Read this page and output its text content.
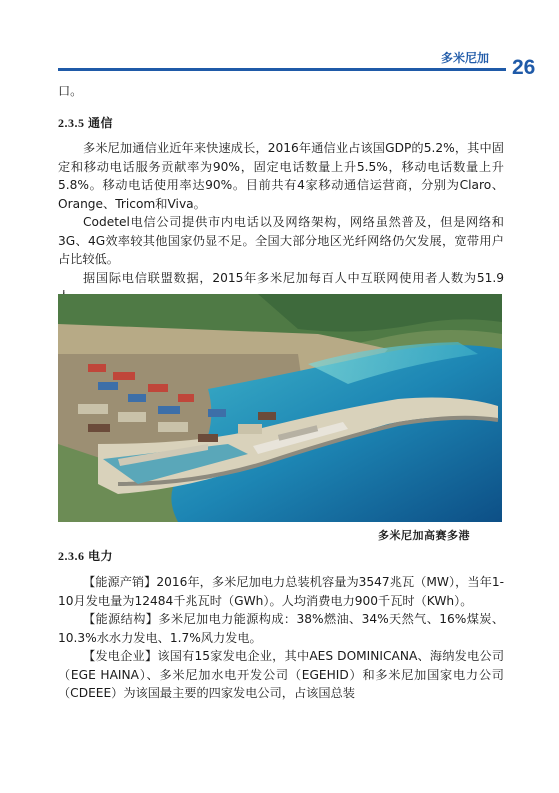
多米尼加 26

口。

2.3.5 通信

多米尼加通信业近年来快速成长，2016年通信业占该国GDP的5.2%，其中固定和移动电话服务贡献率为90%，固定电话数量上升5.5%，移动电话数量上升5.8%。移动电话使用率达90%。目前共有4家移动通信运营商，分别为Claro、Orange、Tricom和Viva。

Codetel电信公司提供市内电话以及网络架构，网络虽然普及，但是网络和3G、4G效率较其他国家仍显不足。全国大部分地区光纤网络仍欠发展，宽带用户占比较低。

据国际电信联盟数据，2015年多米尼加每百人中互联网使用者人数为51.9

多米尼加高赛多港
2.3.6 电力

【能源产销】2016年，多米尼加电力总装机容量为3547兆瓦（MW），当年1-10月发电量为12484千兆瓦时（GWh）。人均消费电力900千瓦时（KWh）。

【能源结构】多米尼加电力能源构成：38%燃油、34%天然气、16%煤炭、10.3%水水力发电、1.7%风力发电。

【发电企业】该国有15家发电企业，其中AES DOMINICANA、海纳发电公司（EGE HAINA）、多米尼加水电开发公司（EGEHID）和多米尼加国家电力公司（CDEEE）为该国最主要的四家发电公司，占该国总装
